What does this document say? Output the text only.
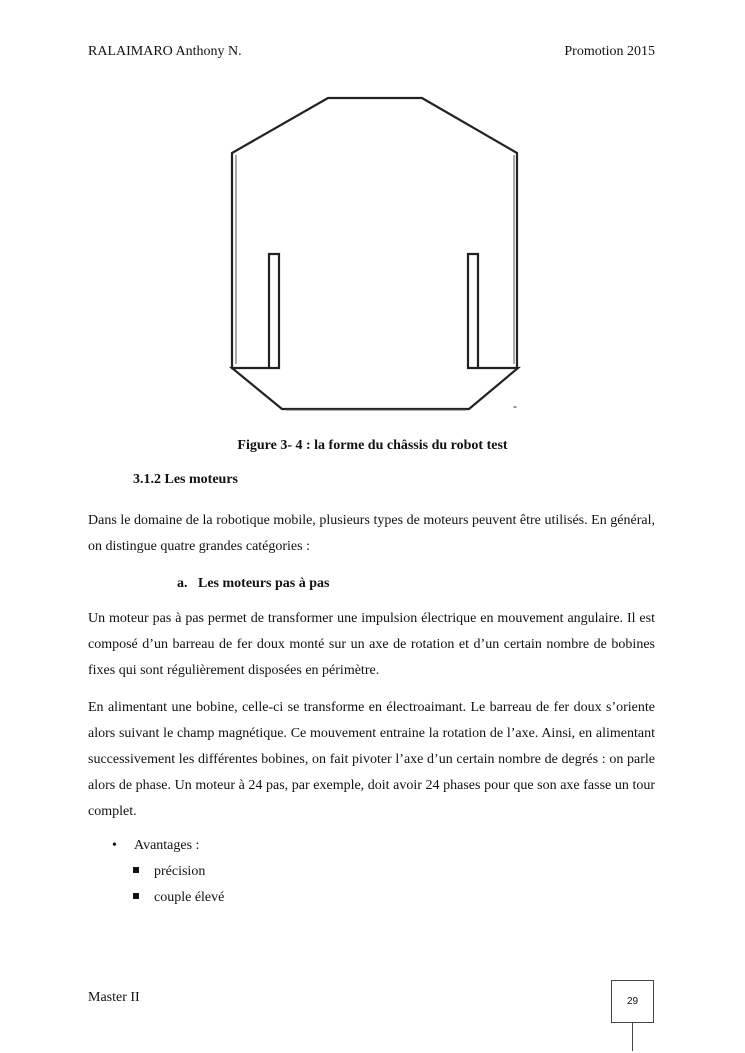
RALAIMARO Anthony N.	Promotion 2015
-
Figure 3- 4 : la forme du châssis du robot test
3.1.2 Les moteurs
Dans le domaine de la robotique mobile, plusieurs types de moteurs peuvent être utilisés. En général, on distingue quatre grandes catégories :
a.   Les moteurs pas à pas
Un moteur pas à pas permet de transformer une impulsion électrique en mouvement angulaire. Il est composé d’un barreau de fer doux monté sur un axe de rotation et d’un certain nombre de bobines fixes qui sont régulièrement disposées en périmètre.
En alimentant une bobine, celle-ci se transforme en électroaimant. Le barreau de fer doux s’oriente alors suivant le champ magnétique. Ce mouvement entraine la rotation de l’axe. Ainsi, en alimentant successivement les différentes bobines, on fait pivoter l’axe d’un certain nombre de degrés : on parle alors de phase. Un moteur à 24 pas, par exemple, doit avoir 24 phases pour que son axe fasse un tour complet.
• Avantages :
précision
couple élevé
Master II	29
